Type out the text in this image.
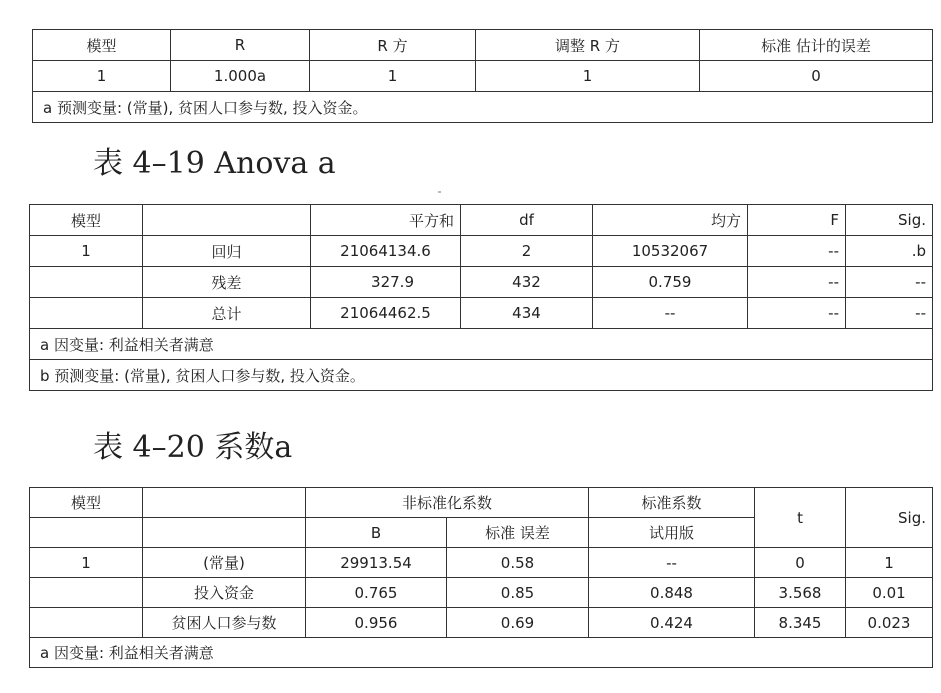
模型	R	R 方	调整 R 方	标准 估计的误差
1	1.000a	1	1	0
a 预测变量: (常量), 贫困人口参与数, 投入资金。				
表 4–19 Anova a
模型		平方和	df	均方	F	Sig.
1	回归	21064134.6	2	10532067	--	.b
	残差	327.9	432	0.759	--	--
	总计	21064462.5	434	--	--	--
a 因变量: 利益相关者满意						
b 预测变量: (常量), 贫困人口参与数, 投入资金。						
表 4–20 系数a
模型		非标准化系数		标准系数	t	Sig.
		B	标准 误差	试用版		
1	(常量)	29913.54	0.58	--	0	1
	投入资金	0.765	0.85	0.848	3.568	0.01
	贫困人口参与数	0.956	0.69	0.424	8.345	0.023
a 因变量: 利益相关者满意						
